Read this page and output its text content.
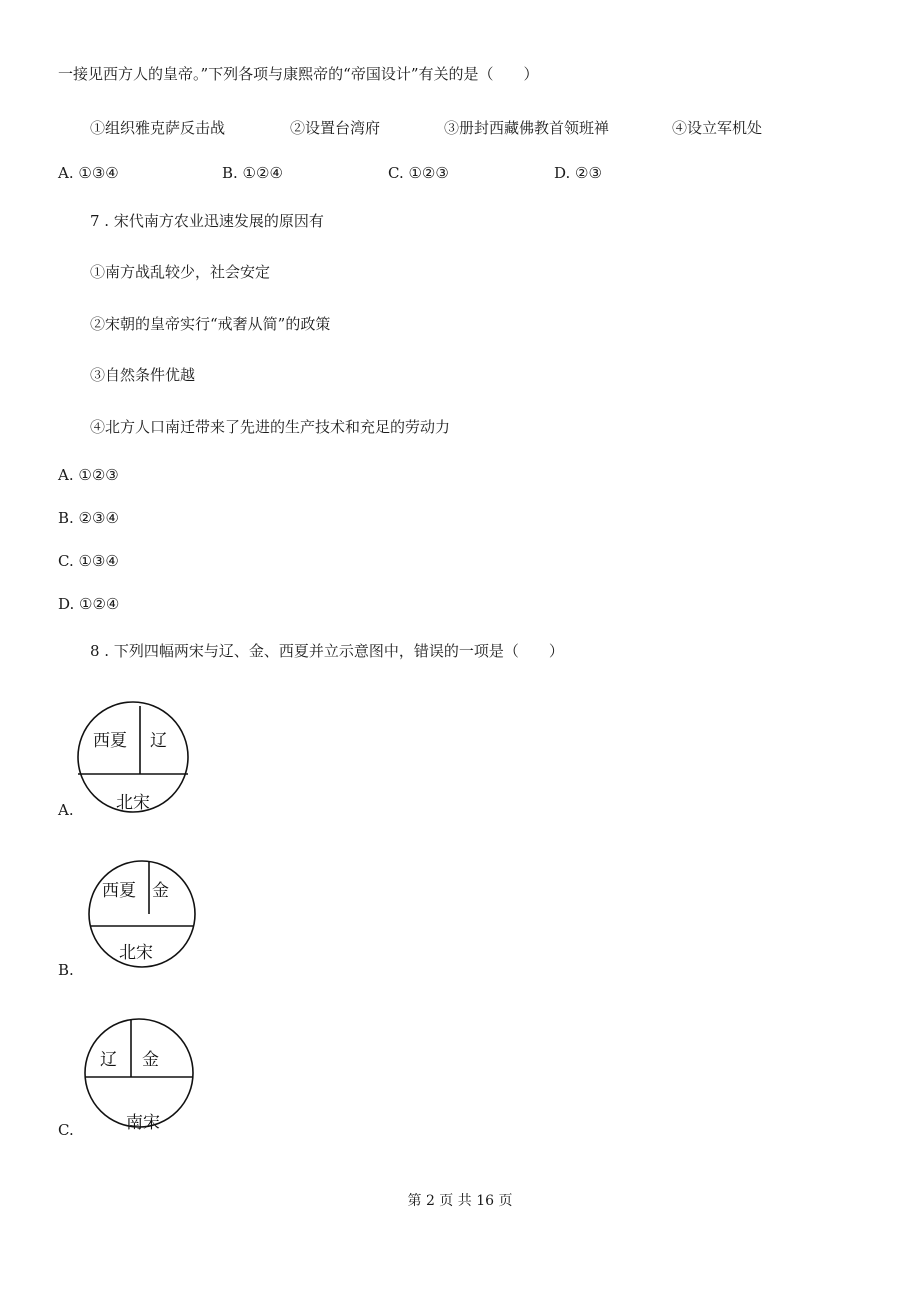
一接见西方人的皇帝。”下列各项与康熙帝的“帝国设计”有关的是（　　）
①组织雅克萨反击战	②设置台湾府	③册封西藏佛教首领班禅	④设立军机处
A. ①③④	B. ①②④	C. ①②③	D. ②③
7 . 宋代南方农业迅速发展的原因有
①南方战乱较少，社会安定
②宋朝的皇帝实行“戒奢从简”的政策
③自然条件优越
④北方人口南迁带来了先进的生产技术和充足的劳动力
A. ①②③
B. ②③④
C. ①③④
D. ①②④
8 . 下列四幅两宋与辽、金、西夏并立示意图中，错误的一项是（　　）
A.
西夏 辽
北宋
B.
西夏 金
北宋
C.
辽 金
南宋
第 2 页 共 16 页
